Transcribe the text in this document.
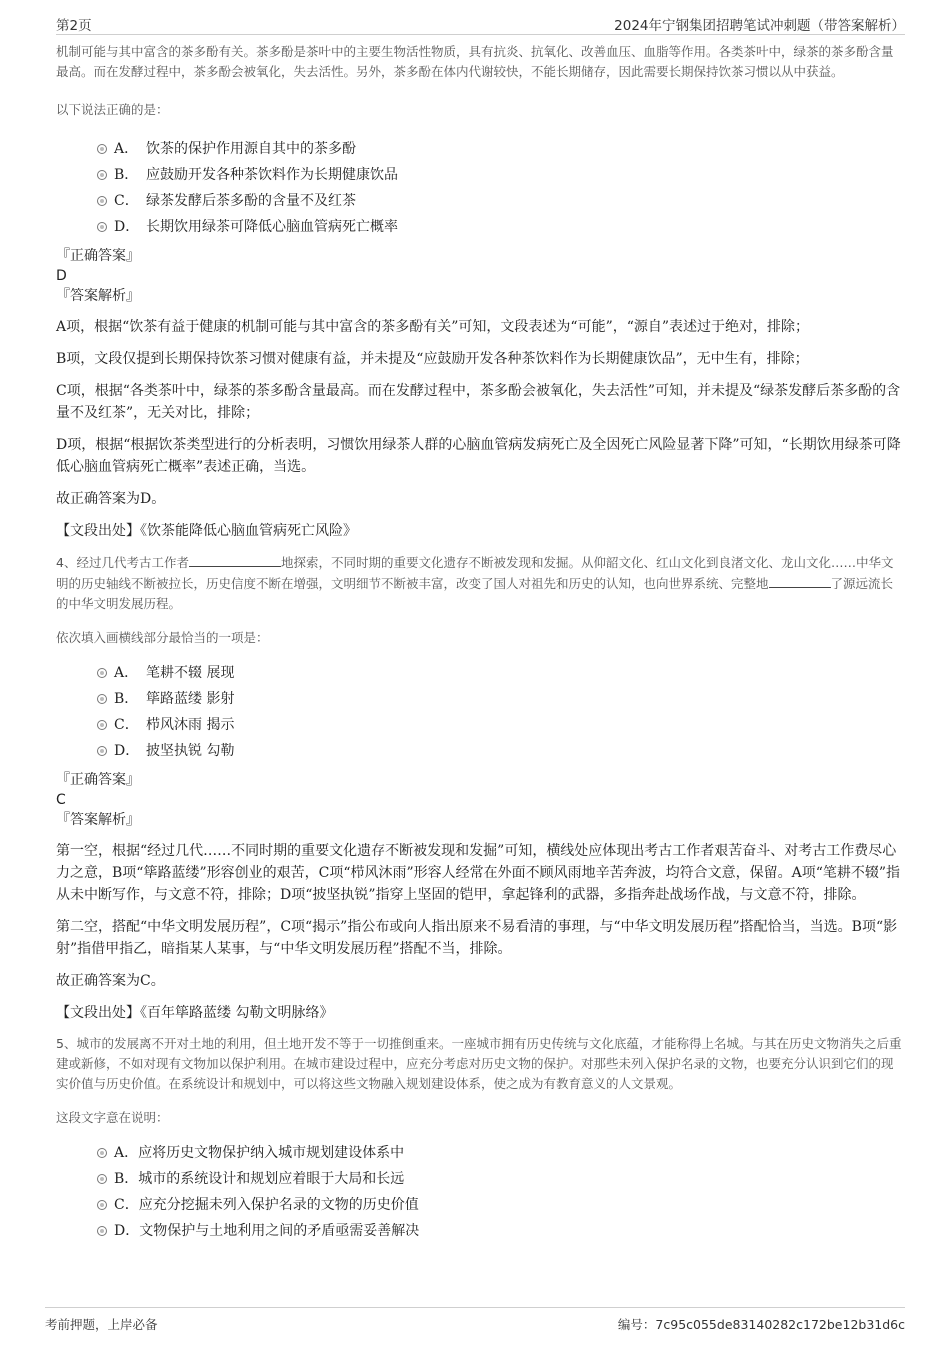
第2页	2024年宁钢集团招聘笔试冲刺题（带答案解析）

机制可能与其中富含的茶多酚有关。茶多酚是茶叶中的主要生物活性物质，具有抗炎、抗氧化、改善血压、血脂等作用。各类茶叶中，绿茶的茶多酚含量最高。而在发酵过程中，茶多酚会被氧化，失去活性。另外，茶多酚在体内代谢较快，不能长期储存，因此需要长期保持饮茶习惯以从中获益。

以下说法正确的是：

A． 饮茶的保护作用源自其中的茶多酚
B． 应鼓励开发各种茶饮料作为长期健康饮品
C． 绿茶发酵后茶多酚的含量不及红茶
D． 长期饮用绿茶可降低心脑血管病死亡概率

『正确答案』

D

『答案解析』

A项，根据“饮茶有益于健康的机制可能与其中富含的茶多酚有关”可知，文段表述为“可能”，“源自”表述过于绝对，排除；

B项，文段仅提到长期保持饮茶习惯对健康有益，并未提及“应鼓励开发各种茶饮料作为长期健康饮品”，无中生有，排除；

C项，根据“各类茶叶中，绿茶的茶多酚含量最高。而在发酵过程中，茶多酚会被氧化，失去活性”可知，并未提及“绿茶发酵后茶多酚的含量不及红茶”，无关对比，排除；

D项，根据“根据饮茶类型进行的分析表明，习惯饮用绿茶人群的心脑血管病发病死亡及全因死亡风险显著下降”可知，“长期饮用绿茶可降低心脑血管病死亡概率”表述正确，当选。

故正确答案为D。

【文段出处】《饮茶能降低心脑血管病死亡风险》

4、经过几代考古工作者	地探索，不同时期的重要文化遗存不断被发现和发掘。从仰韶文化、红山文化到良渚文化、龙山文化……中华文明的历史轴线不断被拉长，历史信度不断在增强，文明细节不断被丰富，改变了国人对祖先和历史的认知，也向世界系统、完整地	了源远流长的中华文明发展历程。

依次填入画横线部分最恰当的一项是：

A． 笔耕不辍 展现
B． 筚路蓝缕 影射
C． 栉风沐雨 揭示
D． 披坚执锐 勾勒

『正确答案』

C

『答案解析』

第一空，根据“经过几代……不同时期的重要文化遗存不断被发现和发掘”可知，横线处应体现出考古工作者艰苦奋斗、对考古工作费尽心力之意，B项“筚路蓝缕”形容创业的艰苦，C项“栉风沐雨”形容人经常在外面不顾风雨地辛苦奔波，均符合文意，保留。A项“笔耕不辍”指从未中断写作，与文意不符，排除；D项“披坚执锐”指穿上坚固的铠甲，拿起锋利的武器，多指奔赴战场作战，与文意不符，排除。

第二空，搭配“中华文明发展历程”，C项“揭示”指公布或向人指出原来不易看清的事理，与“中华文明发展历程”搭配恰当，当选。B项“影射”指借甲指乙，暗指某人某事，与“中华文明发展历程”搭配不当，排除。

故正确答案为C。

【文段出处】《百年筚路蓝缕 勾勒文明脉络》

5、城市的发展离不开对土地的利用，但土地开发不等于一切推倒重来。一座城市拥有历史传统与文化底蕴，才能称得上名城。与其在历史文物消失之后重建或新修，不如对现有文物加以保护利用。在城市建设过程中，应充分考虑对历史文物的保护。对那些未列入保护名录的文物，也要充分认识到它们的现实价值与历史价值。在系统设计和规划中，可以将这些文物融入规划建设体系，使之成为有教育意义的人文景观。

这段文字意在说明：

A．应将历史文物保护纳入城市规划建设体系中
B．城市的系统设计和规划应着眼于大局和长远
C．应充分挖掘未列入保护名录的文物的历史价值
D．文物保护与土地利用之间的矛盾亟需妥善解决
考前押题，上岸必备	编号：7c95c055de83140282c172be12b31d6c
